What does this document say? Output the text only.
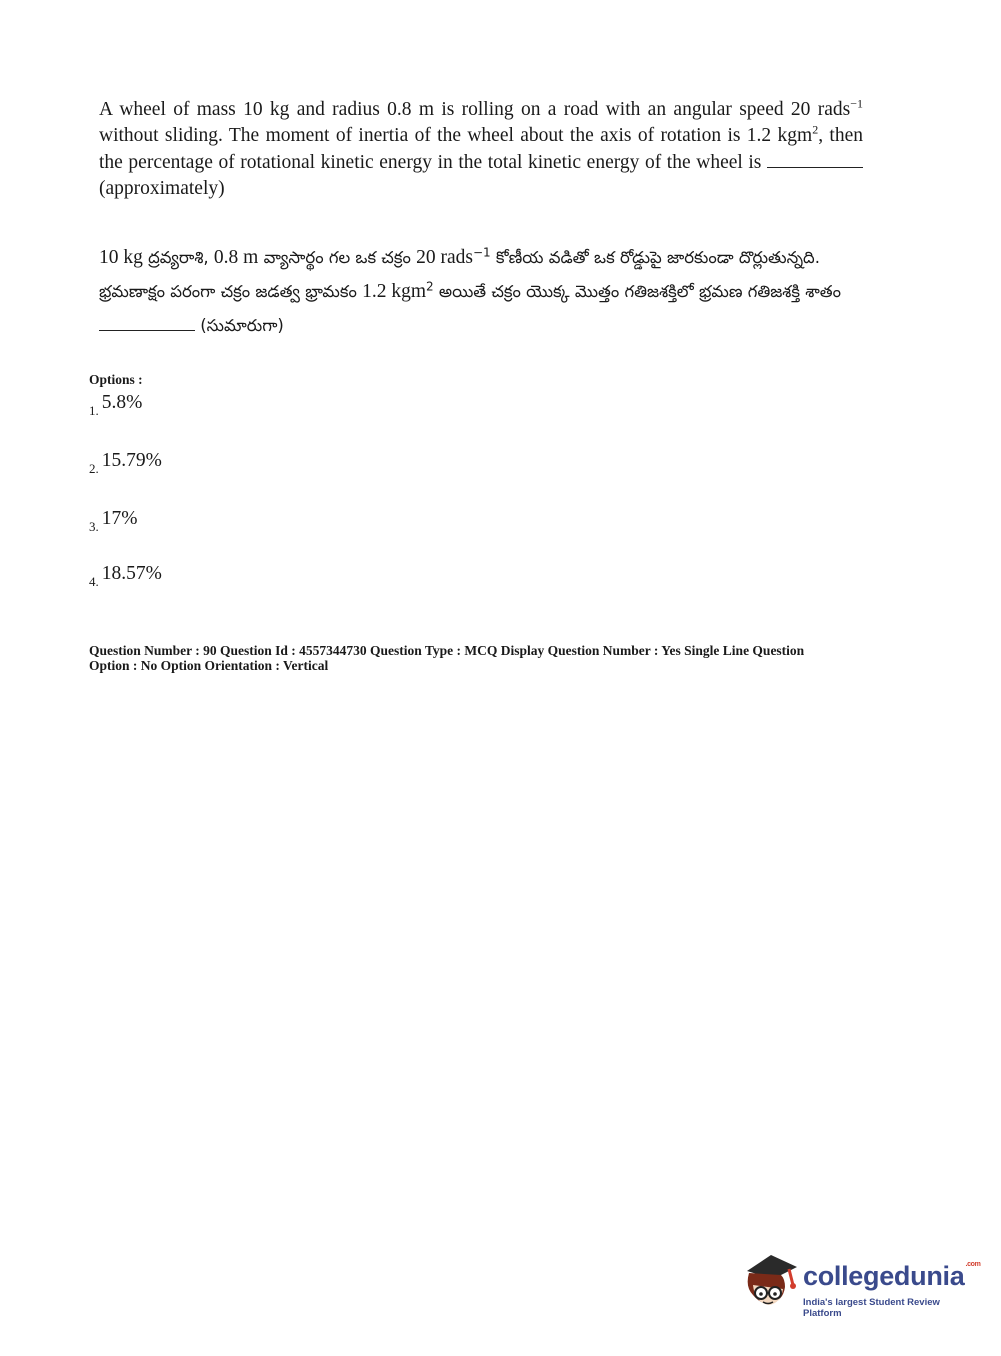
A wheel of mass 10 kg and radius 0.8 m is rolling on a road with an angular speed 20 rads$^{-1}$ without sliding. The moment of inertia of the wheel about the axis of rotation is 1.2 kgm$^2$, then the percentage of rotational kinetic energy in the total kinetic energy of the wheel is  (approximately)
10 kg ద్రవ్యరాశి, 0.8 m వ్యాసార్థం గల ఒక చక్రం 20 rads$^{-1}$ కోణీయ వడితో ఒక రోడ్డుపై జారకుండా దొర్లుతున్నది. భ్రమణాక్షం పరంగా చక్రం జడత్వ భ్రామకం 1.2 kgm$^2$ అయితే చక్రం యొక్క మొత్తం గతిజశక్తిలో భ్రమణ గతిజశక్తి శాతం  (సుమారుగా)
Options :
$_{1.}$ 5.8%
$_{2.}$ 15.79%
$_{3.}$ 17%
$_{4.}$ 18.57%
Question Number : 90 Question Id : 4557344730 Question Type : MCQ Display Question Number : Yes Single Line Question
Option : No Option Orientation : Vertical
collegedunia$^{.com}$
India's largest Student Review Platform
